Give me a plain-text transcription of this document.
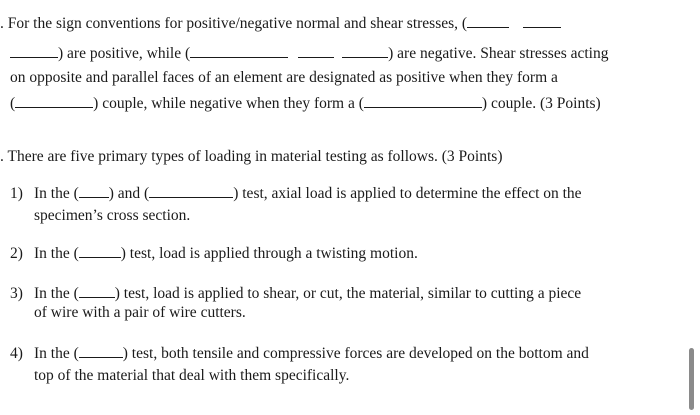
. For the sign conventions for positive/negative normal and shear stresses, (
) are positive, while (	) are negative. Shear stresses acting
on opposite and parallel faces of an element are designated as positive when they form a
(	) couple, while negative when they form a (	) couple. (3 Points)
. There are five primary types of loading in material testing as follows. (3 Points)
1) In the ( ) and (	) test, axial load is applied to determine the effect on the
specimen’s cross section.
2) In the (	) test, load is applied through a twisting motion.
3) In the ( ) test, load is applied to shear, or cut, the material, similar to cutting a piece
of wire with a pair of wire cutters.
4) In the (	) test, both tensile and compressive forces are developed on the bottom and
top of the material that deal with them specifically.
